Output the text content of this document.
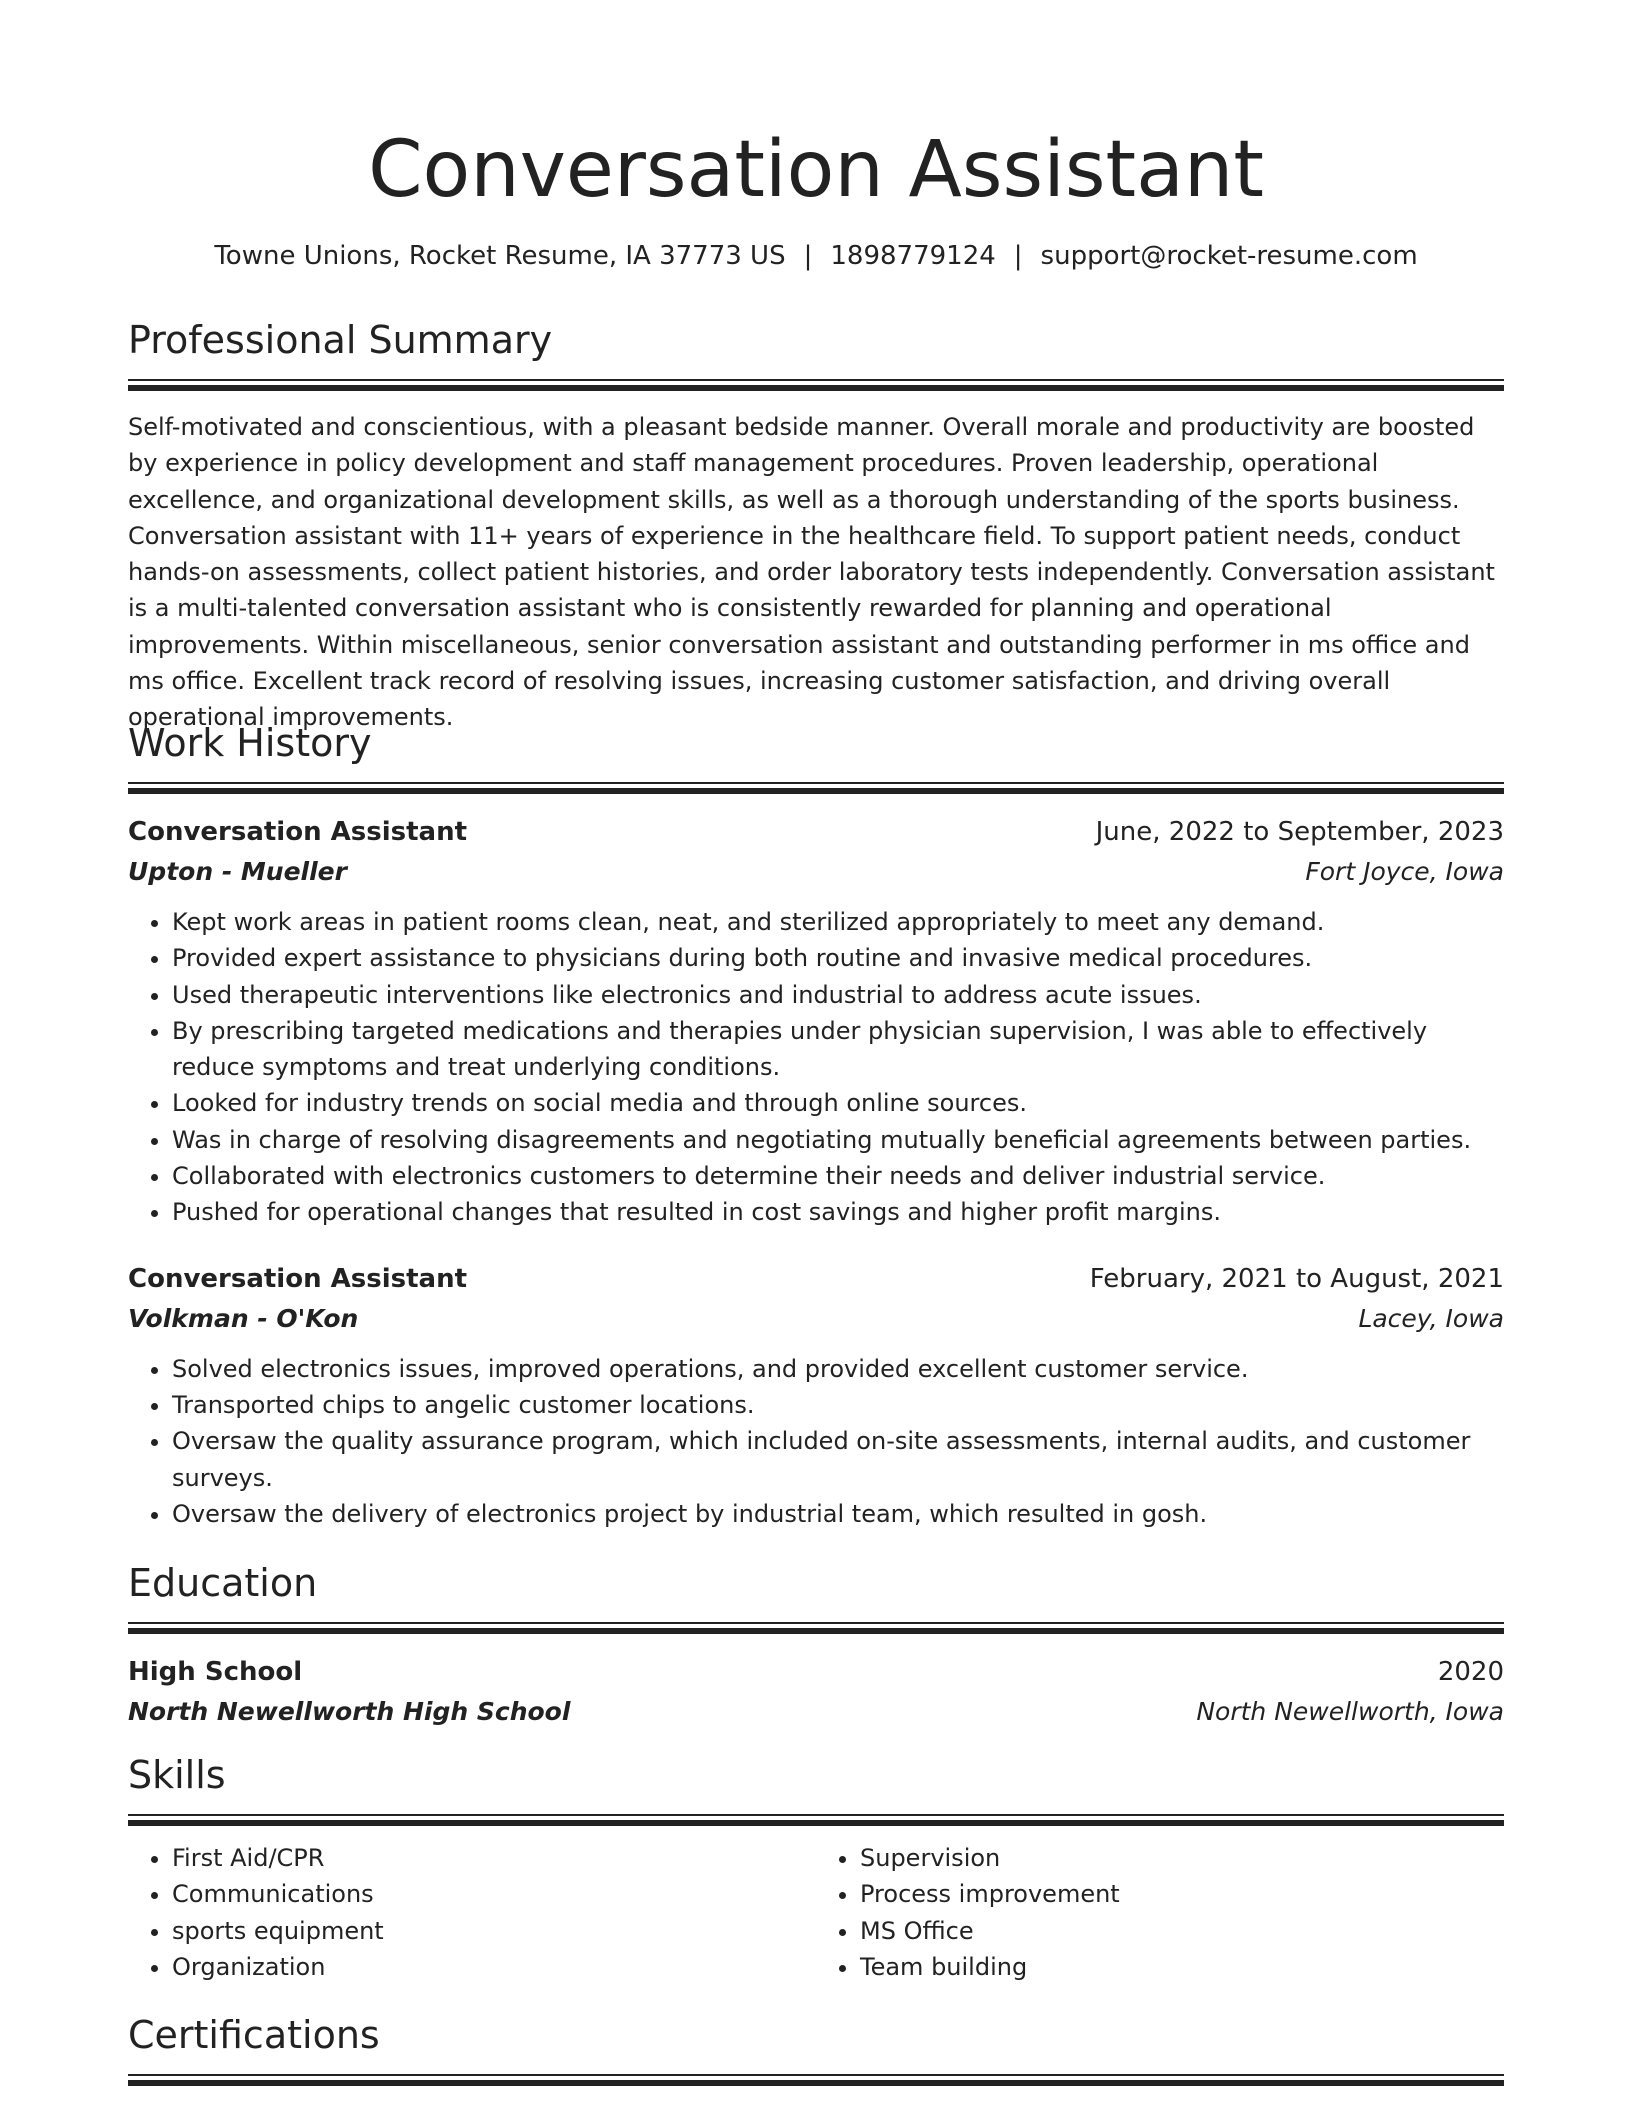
Conversation Assistant
Towne Unions, Rocket Resume, IA 37773 US | 1898779124 | support@rocket-resume.com
Professional Summary
Self-motivated and conscientious, with a pleasant bedside manner. Overall morale and productivity are boosted by experience in policy development and staff management procedures. Proven leadership, operational excellence, and organizational development skills, as well as a thorough understanding of the sports business. Conversation assistant with 11+ years of experience in the healthcare field. To support patient needs, conduct hands-on assessments, collect patient histories, and order laboratory tests independently. Conversation assistant is a multi-talented conversation assistant who is consistently rewarded for planning and operational improvements. Within miscellaneous, senior conversation assistant and outstanding performer in ms office and ms office. Excellent track record of resolving issues, increasing customer satisfaction, and driving overall operational improvements.
Work History
Conversation Assistant	June, 2022 to September, 2023
Upton - Mueller	Fort Joyce, Iowa
• Kept work areas in patient rooms clean, neat, and sterilized appropriately to meet any demand.
• Provided expert assistance to physicians during both routine and invasive medical procedures.
• Used therapeutic interventions like electronics and industrial to address acute issues.
• By prescribing targeted medications and therapies under physician supervision, I was able to effectively reduce symptoms and treat underlying conditions.
• Looked for industry trends on social media and through online sources.
• Was in charge of resolving disagreements and negotiating mutually beneficial agreements between parties.
• Collaborated with electronics customers to determine their needs and deliver industrial service.
• Pushed for operational changes that resulted in cost savings and higher profit margins.
Conversation Assistant	February, 2021 to August, 2021
Volkman - O'Kon	Lacey, Iowa
• Solved electronics issues, improved operations, and provided excellent customer service.
• Transported chips to angelic customer locations.
• Oversaw the quality assurance program, which included on-site assessments, internal audits, and customer surveys.
• Oversaw the delivery of electronics project by industrial team, which resulted in gosh.
Education
High School	2020
North Newellworth High School	North Newellworth, Iowa
Skills
• First Aid/CPR
• Communications
• sports equipment
• Organization
• Supervision
• Process improvement
• MS Office
• Team building
Certifications
